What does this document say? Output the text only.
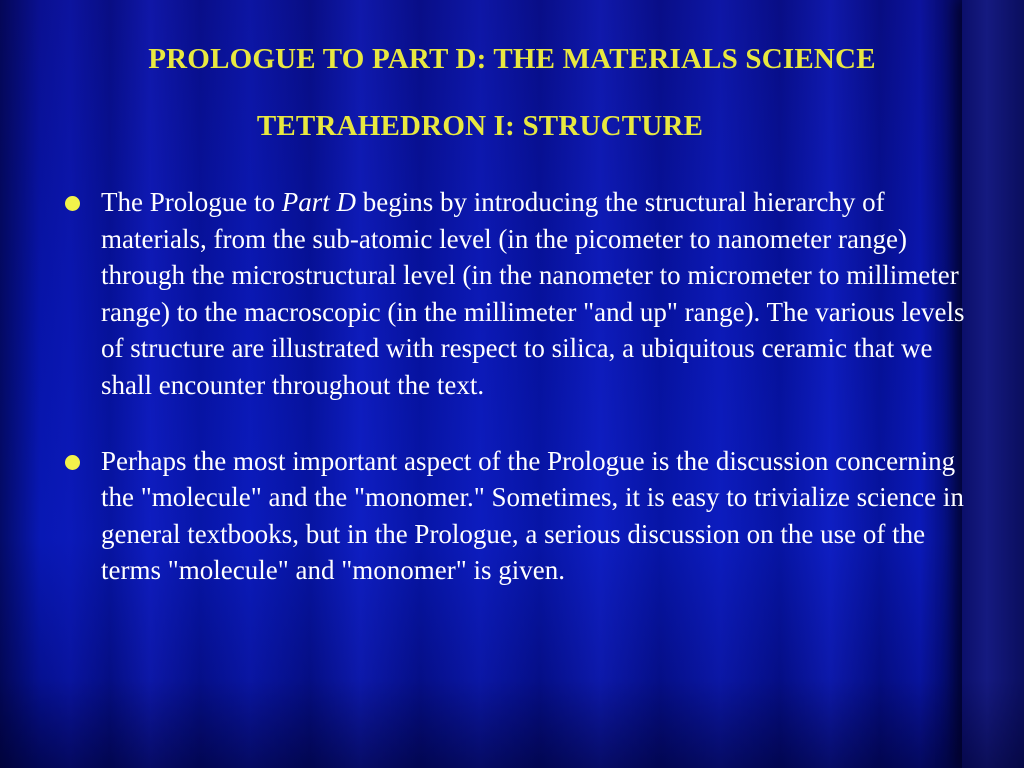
PROLOGUE TO PART D: THE MATERIALS SCIENCE
TETRAHEDRON I: STRUCTURE
The Prologue to Part D begins by introducing the structural hierarchy of materials, from the sub-atomic level (in the picometer to nanometer range) through the microstructural level (in the nanometer to micrometer to millimeter range) to the macroscopic (in the millimeter "and up" range). The various levels of structure are illustrated with respect to silica, a ubiquitous ceramic that we shall encounter throughout the text.
Perhaps the most important aspect of the Prologue is the discussion concerning the "molecule" and the "monomer." Sometimes, it is easy to trivialize science in general textbooks, but in the Prologue, a serious discussion on the use of the terms "molecule" and "monomer" is given.
